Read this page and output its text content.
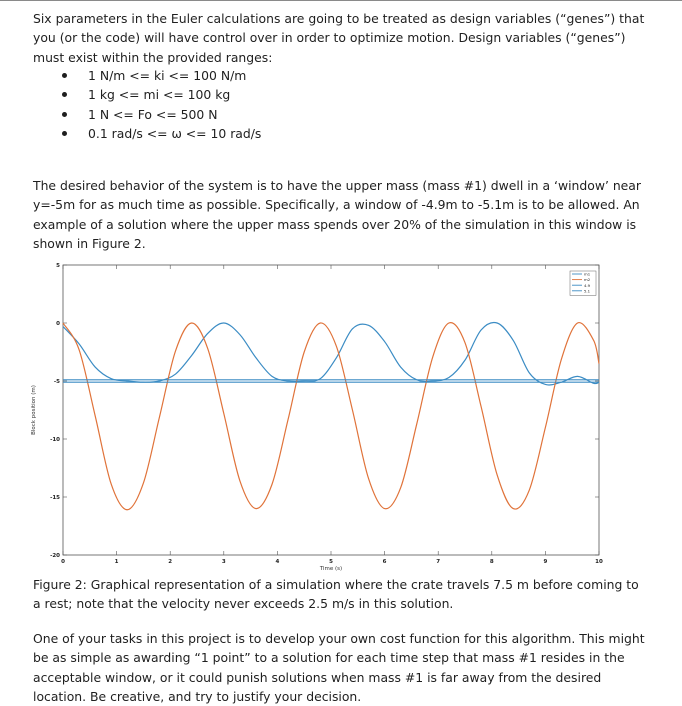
Six parameters in the Euler calculations are going to be treated as design variables (“genes”) that you (or the code) will have control over in order to optimize motion. Design variables (“genes”) must exist within the provided ranges:
1 N/m <= ki <= 100 N/m
1 kg <= mi <= 100 kg
1 N <= Fo <= 500 N
0.1 rad/s <= ω <= 10 rad/s
The desired behavior of the system is to have the upper mass (mass #1) dwell in a ‘window’ near y=-5m for as much time as possible. Specifically, a window of -4.9m to -5.1m is to be allowed. An example of a solution where the upper mass spends over 20% of the simulation in this window is shown in Figure 2.
0	1	2	3	4	5	6	7	8	9	10
5
0
-5
-10
-15
-20
Time (s)
Block position (m)
m1
m2
4.9
5.1
Figure 2: Graphical representation of a simulation where the crate travels 7.5 m before coming to a rest; note that the velocity never exceeds 2.5 m/s in this solution.
One of your tasks in this project is to develop your own cost function for this algorithm. This might be as simple as awarding “1 point” to a solution for each time step that mass #1 resides in the acceptable window, or it could punish solutions when mass #1 is far away from the desired location. Be creative, and try to justify your decision.
